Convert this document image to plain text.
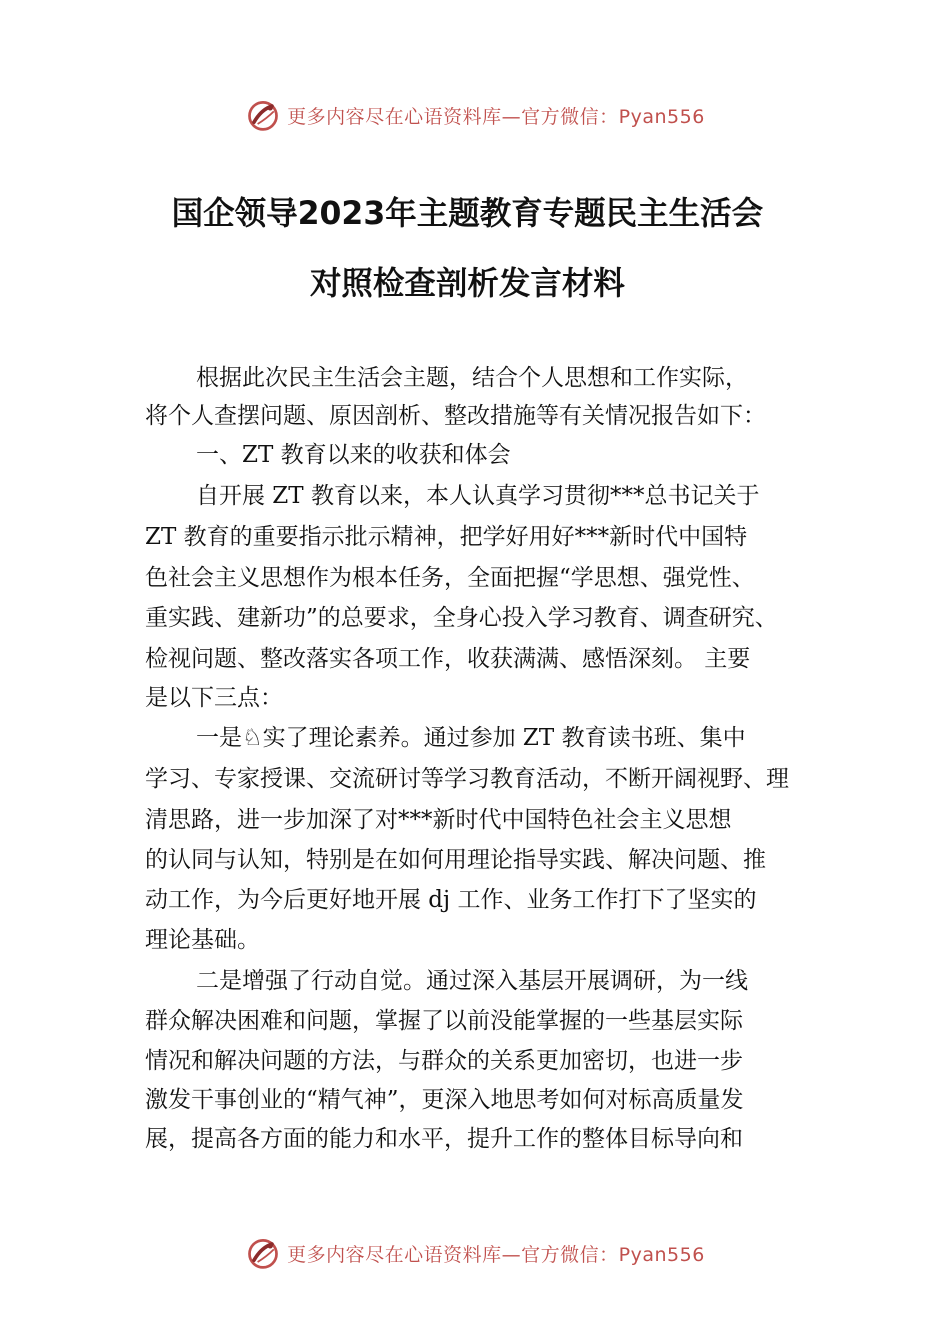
更多内容尽在心语资料库—官方微信：Pyan556
国企领导2023年主题教育专题民主生活会
对照检查剖析发言材料
根据此次民主生活会主题，结合个人思想和工作实际，
将个人查摆问题、原因剖析、整改措施等有关情况报告如下：
一、ZT 教育以来的收获和体会
自开展 ZT 教育以来，本人认真学习贯彻***总书记关于
ZT 教育的重要指示批示精神，把学好用好***新时代中国特
色社会主义思想作为根本任务，全面把握“学思想、强党性、
重实践、建新功”的总要求，全身心投入学习教育、调查研究、
检视问题、整改落实各项工作，收获满满、感悟深刻。 主要
是以下三点：
一是♘实了理论素养。通过参加 ZT 教育读书班、集中
学习、专家授课、交流研讨等学习教育活动，不断开阔视野、理
清思路，进一步加深了对***新时代中国特色社会主义思想
的认同与认知，特别是在如何用理论指导实践、解决问题、推
动工作，为今后更好地开展 dj 工作、业务工作打下了坚实的
理论基础。
二是增强了行动自觉。通过深入基层开展调研，为一线
群众解决困难和问题，掌握了以前没能掌握的一些基层实际
情况和解决问题的方法，与群众的关系更加密切，也进一步
激发干事创业的“精气神”，更深入地思考如何对标高质量发
展，提高各方面的能力和水平，提升工作的整体目标导向和
更多内容尽在心语资料库—官方微信：Pyan556
